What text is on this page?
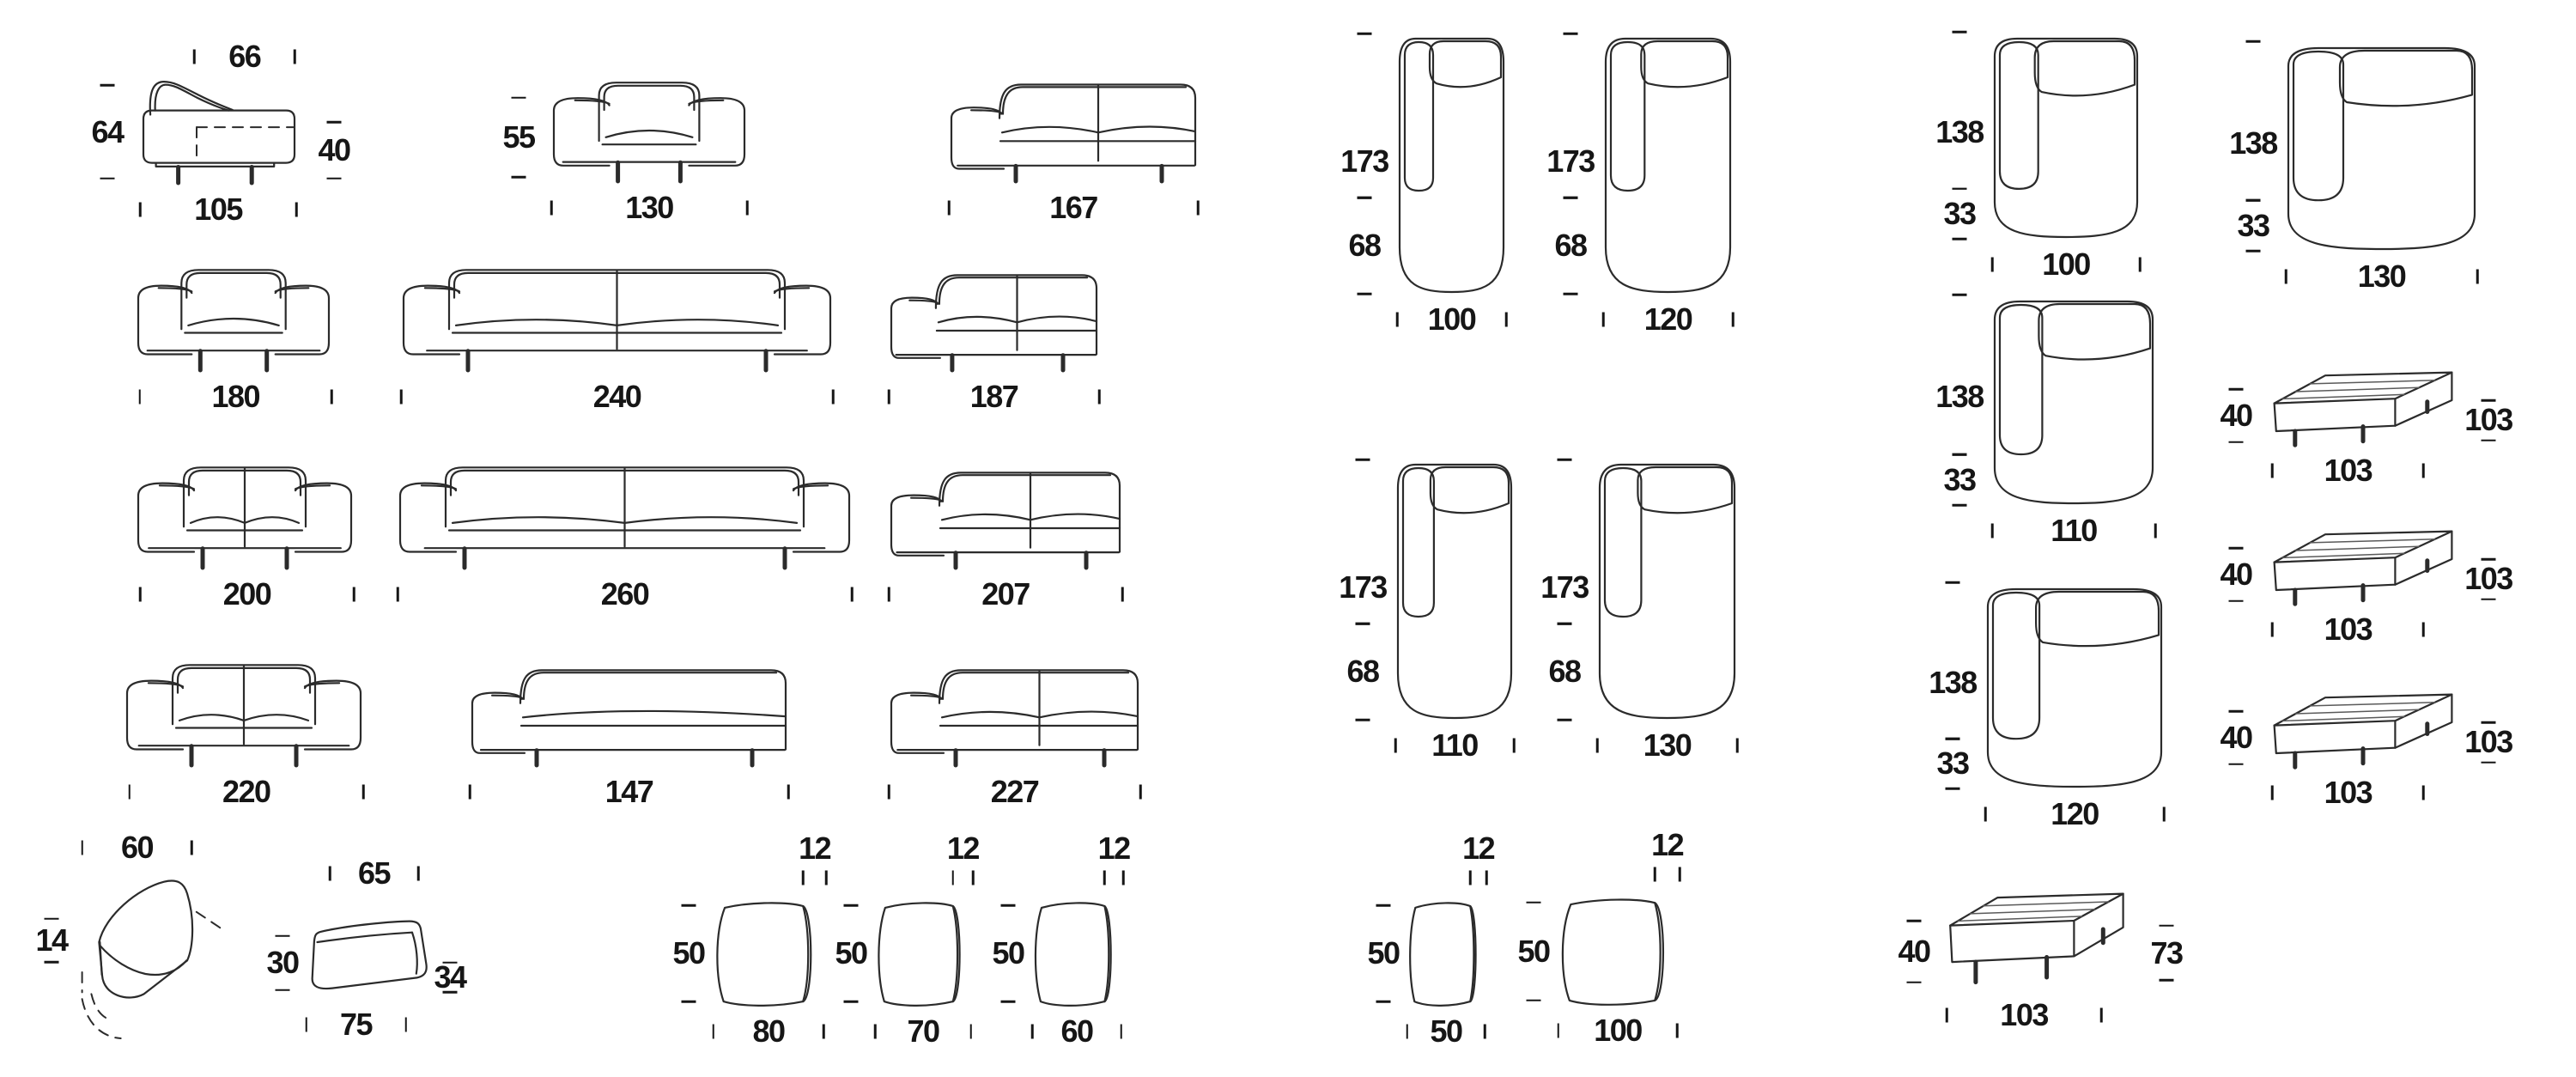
66
64
40
105
55
130	167
180	240	187
200	260	207
220	147	227
173
68
100
173
68
120
173
68
110
173
68
130
138
33
100
138
33
130
138
33
110
138
33
120
40	103
103
40	103
103
40	103
103
40	73
103
60
14
65
30	34
75
12
50
80
12
50
70
12
50
60
12
50
50
12
50
100
